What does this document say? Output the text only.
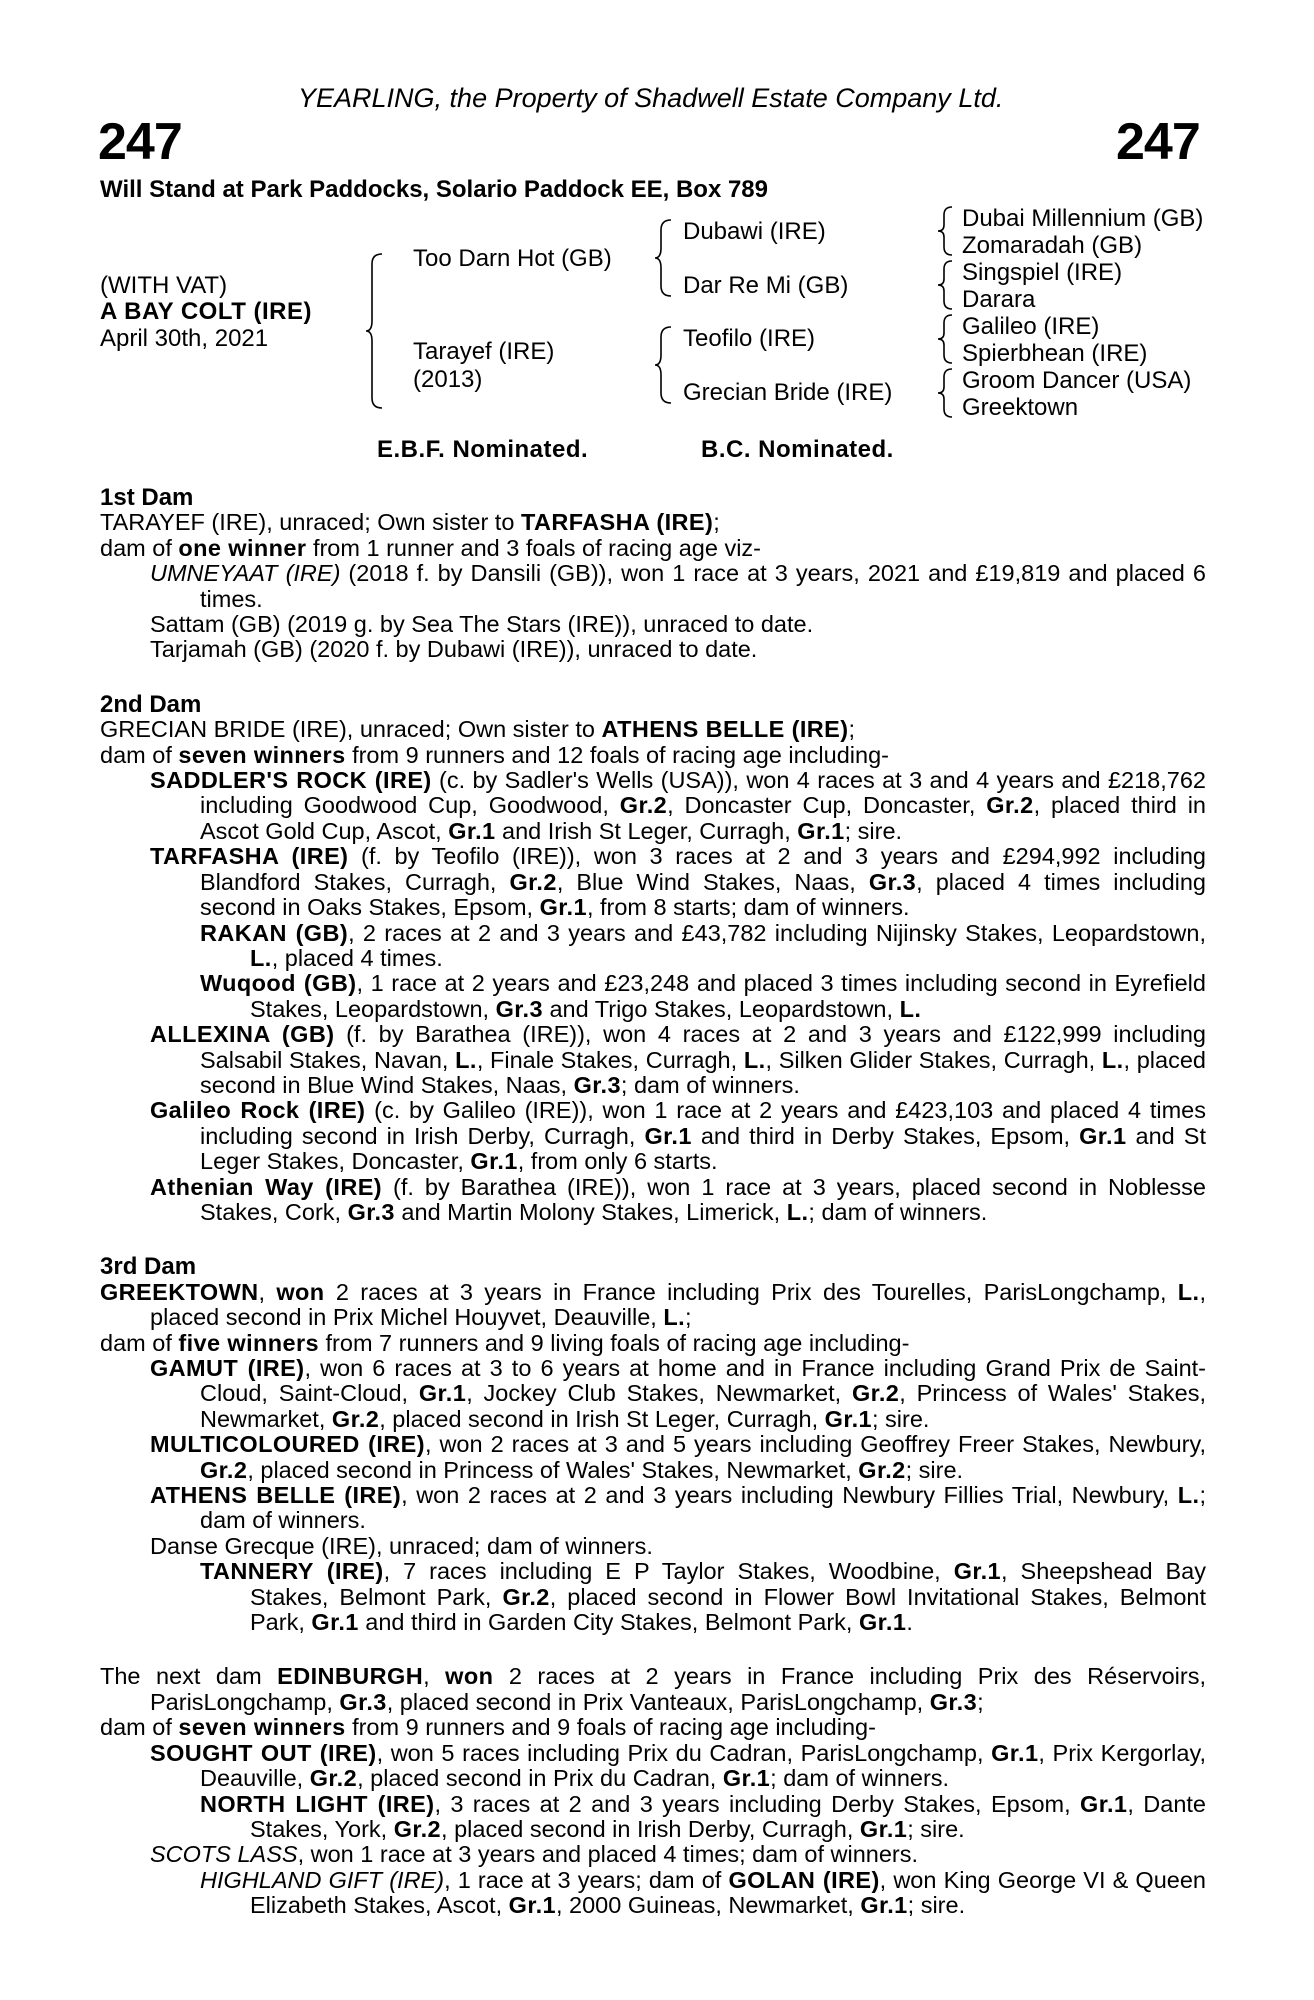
YEARLING, the Property of Shadwell Estate Company Ltd.
247	247
Will Stand at Park Paddocks, Solario Paddock EE, Box 789
(WITH VAT)
A BAY COLT (IRE)
April 30th, 2021
Too Darn Hot (GB)
Tarayef (IRE)
(2013)
Dubawi (IRE)
Dar Re Mi (GB)
Teofilo (IRE)
Grecian Bride (IRE)
Dubai Millennium (GB)
Zomaradah (GB)
Singspiel (IRE)
Darara
Galileo (IRE)
Spierbhean (IRE)
Groom Dancer (USA)
Greektown
E.B.F. Nominated.	B.C. Nominated.
1st Dam
TARAYEF (IRE), unraced; Own sister to TARFASHA (IRE);
dam of one winner from 1 runner and 3 foals of racing age viz-
UMNEYAAT (IRE) (2018 f. by Dansili (GB)), won 1 race at 3 years, 2021 and £19,819 and placed 6 times.
Sattam (GB) (2019 g. by Sea The Stars (IRE)), unraced to date.
Tarjamah (GB) (2020 f. by Dubawi (IRE)), unraced to date.
2nd Dam
GRECIAN BRIDE (IRE), unraced; Own sister to ATHENS BELLE (IRE);
dam of seven winners from 9 runners and 12 foals of racing age including-
SADDLER'S ROCK (IRE) (c. by Sadler's Wells (USA)), won 4 races at 3 and 4 years and £218,762 including Goodwood Cup, Goodwood, Gr.2, Doncaster Cup, Doncaster, Gr.2, placed third in Ascot Gold Cup, Ascot, Gr.1 and Irish St Leger, Curragh, Gr.1; sire.
TARFASHA (IRE) (f. by Teofilo (IRE)), won 3 races at 2 and 3 years and £294,992 including Blandford Stakes, Curragh, Gr.2, Blue Wind Stakes, Naas, Gr.3, placed 4 times including second in Oaks Stakes, Epsom, Gr.1, from 8 starts; dam of winners.
RAKAN (GB), 2 races at 2 and 3 years and £43,782 including Nijinsky Stakes, Leopardstown, L., placed 4 times.
Wuqood (GB), 1 race at 2 years and £23,248 and placed 3 times including second in Eyrefield Stakes, Leopardstown, Gr.3 and Trigo Stakes, Leopardstown, L.
ALLEXINA (GB) (f. by Barathea (IRE)), won 4 races at 2 and 3 years and £122,999 including Salsabil Stakes, Navan, L., Finale Stakes, Curragh, L., Silken Glider Stakes, Curragh, L., placed second in Blue Wind Stakes, Naas, Gr.3; dam of winners.
Galileo Rock (IRE) (c. by Galileo (IRE)), won 1 race at 2 years and £423,103 and placed 4 times including second in Irish Derby, Curragh, Gr.1 and third in Derby Stakes, Epsom, Gr.1 and St Leger Stakes, Doncaster, Gr.1, from only 6 starts.
Athenian Way (IRE) (f. by Barathea (IRE)), won 1 race at 3 years, placed second in Noblesse Stakes, Cork, Gr.3 and Martin Molony Stakes, Limerick, L.; dam of winners.
3rd Dam
GREEKTOWN, won 2 races at 3 years in France including Prix des Tourelles, ParisLongchamp, L., placed second in Prix Michel Houyvet, Deauville, L.;
dam of five winners from 7 runners and 9 living foals of racing age including-
GAMUT (IRE), won 6 races at 3 to 6 years at home and in France including Grand Prix de Saint-Cloud, Saint-Cloud, Gr.1, Jockey Club Stakes, Newmarket, Gr.2, Princess of Wales' Stakes, Newmarket, Gr.2, placed second in Irish St Leger, Curragh, Gr.1; sire.
MULTICOLOURED (IRE), won 2 races at 3 and 5 years including Geoffrey Freer Stakes, Newbury, Gr.2, placed second in Princess of Wales' Stakes, Newmarket, Gr.2; sire.
ATHENS BELLE (IRE), won 2 races at 2 and 3 years including Newbury Fillies Trial, Newbury, L.; dam of winners.
Danse Grecque (IRE), unraced; dam of winners.
TANNERY (IRE), 7 races including E P Taylor Stakes, Woodbine, Gr.1, Sheepshead Bay Stakes, Belmont Park, Gr.2, placed second in Flower Bowl Invitational Stakes, Belmont Park, Gr.1 and third in Garden City Stakes, Belmont Park, Gr.1.
The next dam EDINBURGH, won 2 races at 2 years in France including Prix des Réservoirs, ParisLongchamp, Gr.3, placed second in Prix Vanteaux, ParisLongchamp, Gr.3;
dam of seven winners from 9 runners and 9 foals of racing age including-
SOUGHT OUT (IRE), won 5 races including Prix du Cadran, ParisLongchamp, Gr.1, Prix Kergorlay, Deauville, Gr.2, placed second in Prix du Cadran, Gr.1; dam of winners.
NORTH LIGHT (IRE), 3 races at 2 and 3 years including Derby Stakes, Epsom, Gr.1, Dante Stakes, York, Gr.2, placed second in Irish Derby, Curragh, Gr.1; sire.
SCOTS LASS, won 1 race at 3 years and placed 4 times; dam of winners.
HIGHLAND GIFT (IRE), 1 race at 3 years; dam of GOLAN (IRE), won King George VI & Queen Elizabeth Stakes, Ascot, Gr.1, 2000 Guineas, Newmarket, Gr.1; sire.
